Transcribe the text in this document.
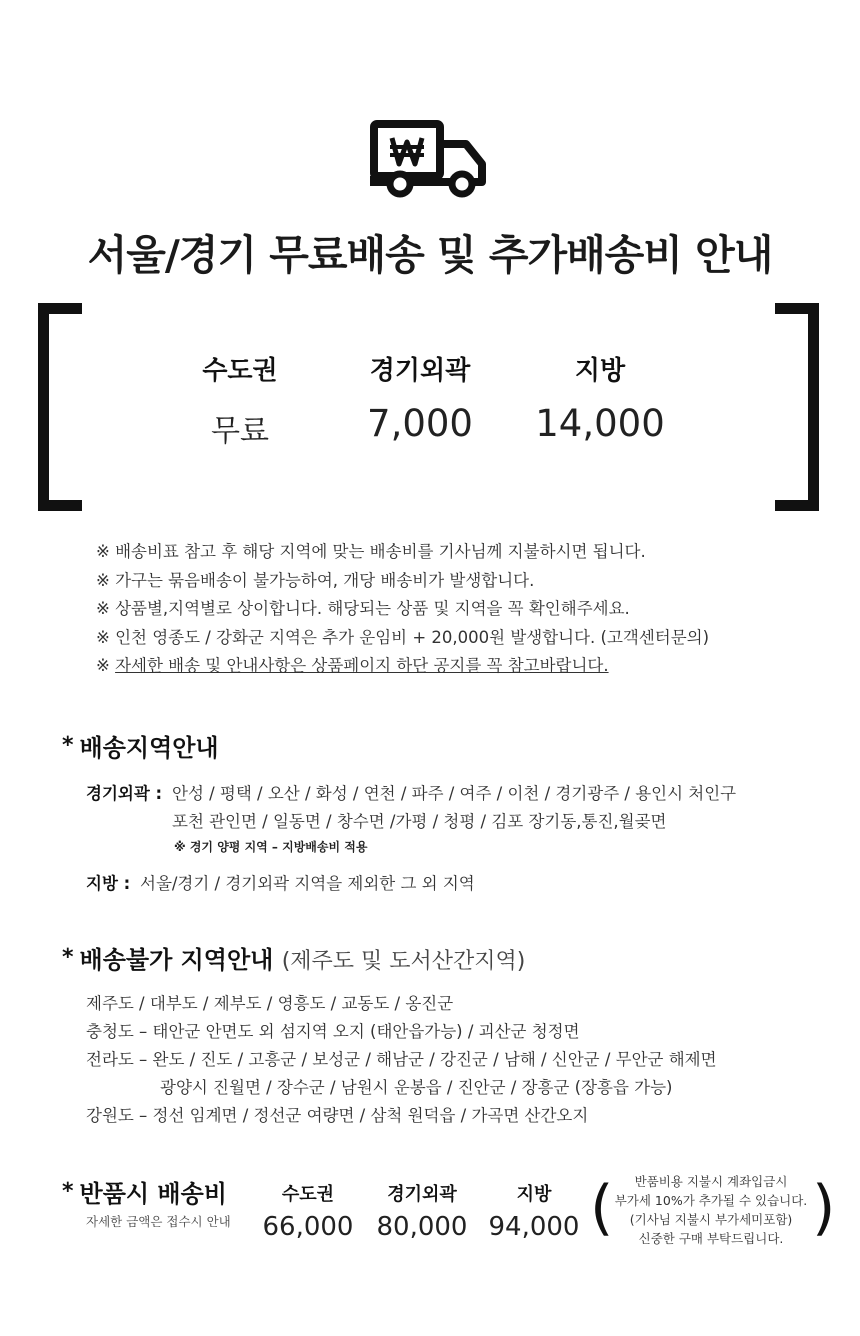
서울/경기 무료배송 및 추가배송비 안내
수도권	경기외곽	지방
무료	7,000	14,000
※ 배송비표 참고 후 해당 지역에 맞는 배송비를 기사님께 지불하시면 됩니다.
※ 가구는 묶음배송이 불가능하여, 개당 배송비가 발생합니다.
※ 상품별,지역별로 상이합니다. 해당되는 상품 및 지역을 꼭 확인해주세요.
※ 인천 영종도 / 강화군 지역은 추가 운임비 + 20,000원 발생합니다. (고객센터문의)
※ 자세한 배송 및 안내사항은 상품페이지 하단 공지를 꼭 참고바랍니다.
* 배송지역안내
경기외곽 : 안성 / 평택 / 오산 / 화성 / 연천 / 파주 / 여주 / 이천 / 경기광주 / 용인시 처인구
포천 관인면 / 일동면 / 창수면 /가평 / 청평 / 김포 장기동,통진,월곶면
※ 경기 양평 지역 – 지방배송비 적용
지방 : 서울/경기 / 경기외곽 지역을 제외한 그 외 지역
* 배송불가 지역안내 (제주도 및 도서산간지역)
제주도 / 대부도 / 제부도 / 영흥도 / 교동도 / 옹진군
충청도 – 태안군 안면도 외 섬지역 오지 (태안읍가능) / 괴산군 청정면
전라도 – 완도 / 진도 / 고흥군 / 보성군 / 해남군 / 강진군 / 남해 / 신안군 / 무안군 해제면
광양시 진월면 / 장수군 / 남원시 운봉읍 / 진안군 / 장흥군 (장흥읍 가능)
강원도 – 정선 임계면 / 정선군 여량면 / 삼척 원덕읍 / 가곡면 산간오지
* 반품시 배송비
자세한 금액은 접수시 안내
수도권	경기외곽	지방
66,000 80,000 94,000 (	)
반품비용 지불시 계좌입금시
부가세 10%가 추가될 수 있습니다.
(기사님 지불시 부가세미포함)
신중한 구매 부탁드립니다.
